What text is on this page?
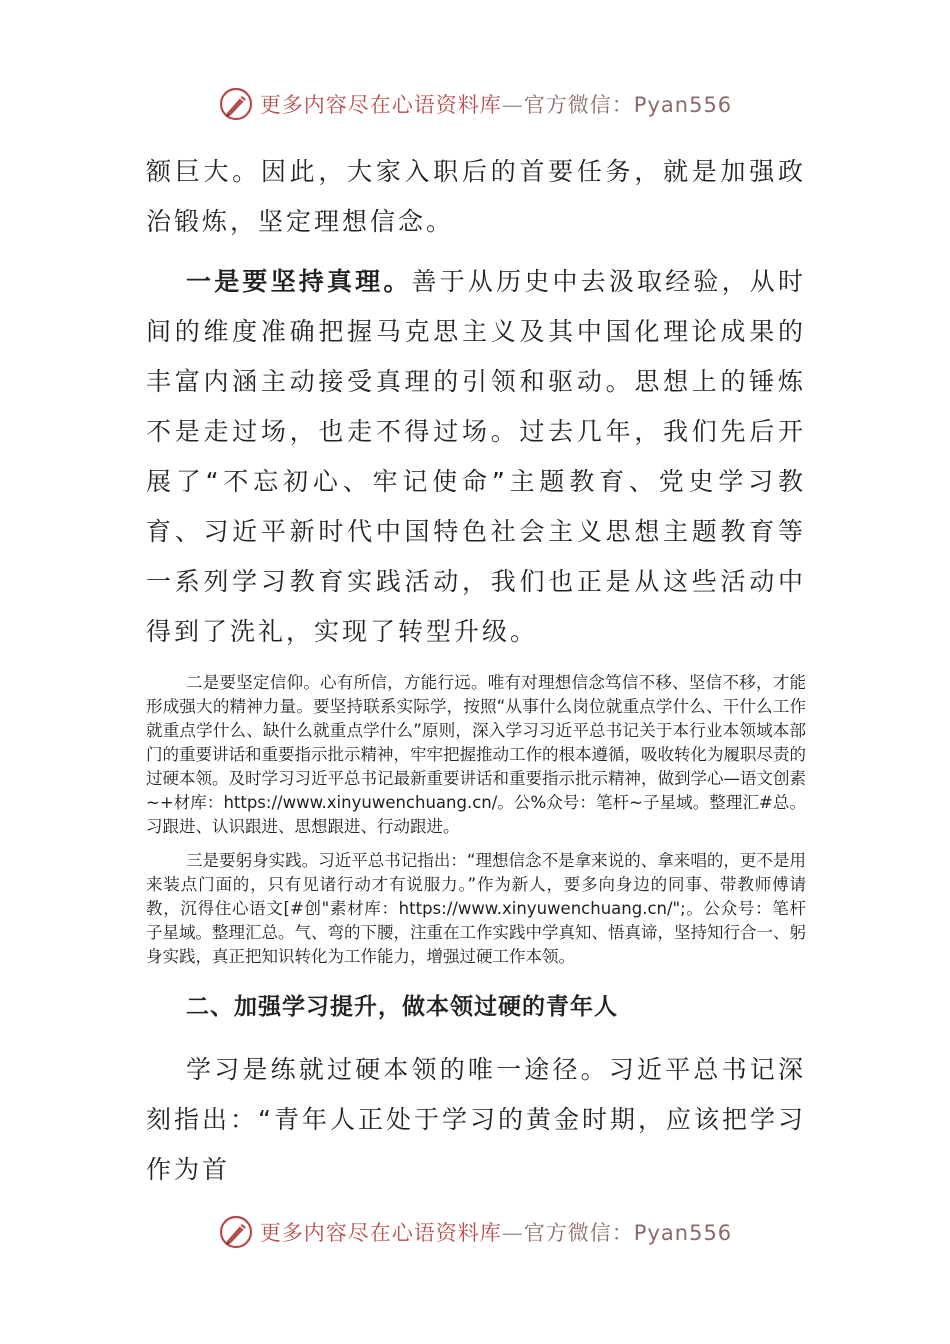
更多内容尽在心语资料库—官方微信：Pyan556

额巨大。因此，大家入职后的首要任务，就是加强政治锻炼，坚定理想信念。

一是要坚持真理。善于从历史中去汲取经验，从时间的维度准确把握马克思主义及其中国化理论成果的丰富内涵主动接受真理的引领和驱动。思想上的锤炼不是走过场，也走不得过场。过去几年，我们先后开展了“不忘初心、牢记使命”主题教育、党史学习教育、习近平新时代中国特色社会主义思想主题教育等一系列学习教育实践活动，我们也正是从这些活动中得到了洗礼，实现了转型升级。

二是要坚定信仰。心有所信，方能行远。唯有对理想信念笃信不移、坚信不移，才能形成强大的精神力量。要坚持联系实际学，按照“从事什么岗位就重点学什么、干什么工作就重点学什么、缺什么就重点学什么”原则，深入学习习近平总书记关于本行业本领域本部门的重要讲话和重要指示批示精神，牢牢把握推动工作的根本遵循，吸收转化为履职尽责的过硬本领。及时学习习近平总书记最新重要讲话和重要指示批示精神，做到学心—语文创素~+材库：https://www.xinyuwenchuang.cn/。公%众号：笔杆~子星域。整理汇#总。习跟进、认识跟进、思想跟进、行动跟进。

三是要躬身实践。习近平总书记指出：“理想信念不是拿来说的、拿来唱的，更不是用来装点门面的，只有见诸行动才有说服力。”作为新人，要多向身边的同事、带教师傅请教，沉得住心语文[#创"素材库：https://www.xinyuwenchuang.cn/";。公众号：笔杆子星域。整理汇总。气、弯的下腰，注重在工作实践中学真知、悟真谛，坚持知行合一、躬身实践，真正把知识转化为工作能力，增强过硬工作本领。

二、加强学习提升，做本领过硬的青年人

学习是练就过硬本领的唯一途径。习近平总书记深刻指出：“青年人正处于学习的黄金时期，应该把学习作为首

更多内容尽在心语资料库—官方微信：Pyan556
